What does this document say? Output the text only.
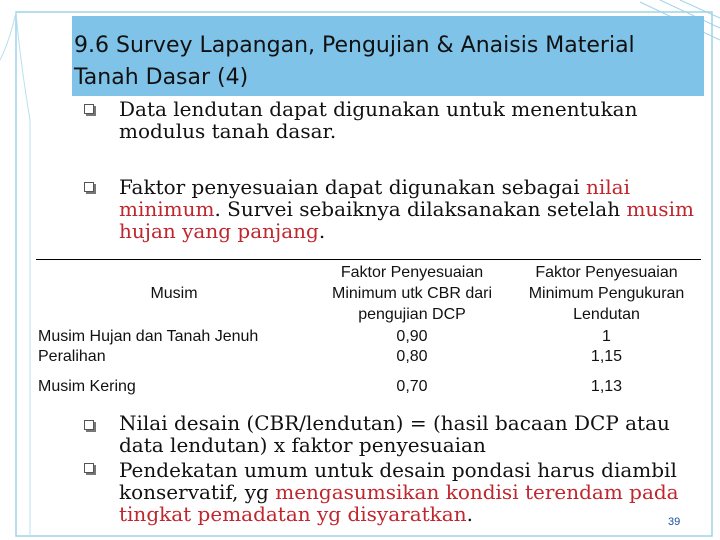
9.6 Survey Lapangan, Pengujian & Anaisis Material Tanah Dasar (4)
Data lendutan dapat digunakan untuk menentukan modulus tanah dasar.
Faktor penyesuaian dapat digunakan sebagai nilai minimum. Survei sebaiknya dilaksanakan setelah musim hujan yang panjang.
Musim	Faktor Penyesuaian Minimum utk CBR dari pengujian DCP	Faktor Penyesuaian Minimum Pengukuran Lendutan
Musim Hujan dan Tanah Jenuh	0,90	1
Peralihan	0,80	1,15
Musim Kering	0,70	1,13
Nilai desain (CBR/lendutan) = (hasil bacaan DCP atau data lendutan) x faktor penyesuaian
Pendekatan umum untuk desain pondasi harus diambil konservatif, yg mengasumsikan kondisi terendam pada tingkat pemadatan yg disyaratkan.	39
